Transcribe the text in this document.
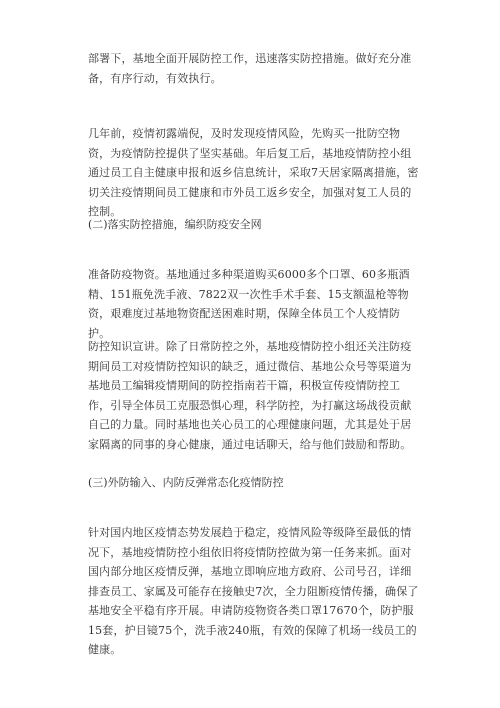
部署下，基地全面开展防控工作，迅速落实防控措施。做好充分准备，有序行动，有效执行。

几年前，疫情初露端倪，及时发现疫情风险，先购买一批防空物资，为疫情防控提供了坚实基础。年后复工后，基地疫情防控小组通过员工自主健康申报和返乡信息统计，采取7天居家隔离措施，密切关注疫情期间员工健康和市外员工返乡安全，加强对复工人员的控制。

(二)落实防控措施，编织防疫安全网

准备防疫物资。基地通过多种渠道购买6000多个口罩、60多瓶酒精、151瓶免洗手液、7822双一次性手术手套、15支额温枪等物资，艰难度过基地物资配送困难时期，保障全体员工个人疫情防护。

防控知识宣讲。除了日常防控之外，基地疫情防控小组还关注防疫期间员工对疫情防控知识的缺乏，通过微信、基地公众号等渠道为基地员工编辑疫情期间的防控指南若干篇，积极宣传疫情防控工作，引导全体员工克服恐惧心理，科学防控，为打赢这场战役贡献自己的力量。同时基地也关心员工的心理健康问题，尤其是处于居家隔离的同事的身心健康，通过电话聊天，给与他们鼓励和帮助。

(三)外防输入、内防反弹常态化疫情防控

针对国内地区疫情态势发展趋于稳定，疫情风险等级降至最低的情况下，基地疫情防控小组依旧将疫情防控做为第一任务来抓。面对国内部分地区疫情反弹，基地立即响应地方政府、公司号召，详细排查员工、家属及可能存在接触史7次，全力阻断疫情传播，确保了基地安全平稳有序开展。申请防疫物资各类口罩17670个，防护服15套，护目镜75个，洗手液240瓶，有效的保障了机场一线员工的健康。
